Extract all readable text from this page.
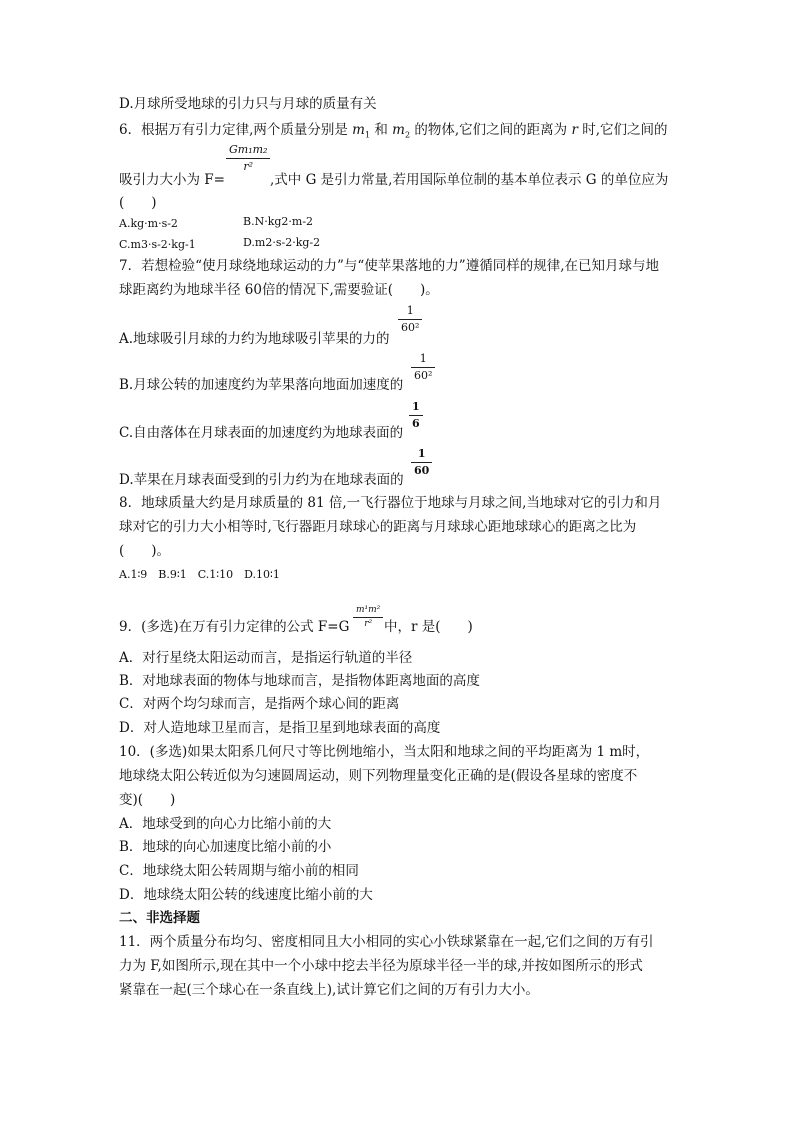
D.月球所受地球的引力只与月球的质量有关
6．根据万有引力定律,两个质量分别是 $m_1$ 和 $m_2$ 的物体,它们之间的距离为 r 时,它们之间的
$\frac{\text{Gm₁m₂}}{\text{r²}}$
吸引力大小为 F=	,式中 G 是引力常量,若用国际单位制的基本单位表示 G 的单位应为
(　　)
A.kg·m·s-2	B.N·kg2·m-2
C.m3·s-2·kg-1	D.m2·s-2·kg-2
7．若想检验“使月球绕地球运动的力”与“使苹果落地的力”遵循同样的规律,在已知月球与地
球距离约为地球半径 60倍的情况下,需要验证(　　)。
$\frac{1}{\text{60²}}$
A.地球吸引月球的力约为地球吸引苹果的力的
$\frac{1}{\text{60²}}$
B.月球公转的加速度约为苹果落向地面加速度的
$\frac{1}{6}$
C.自由落体在月球表面的加速度约为地球表面的
$\frac{1}{60}$
D.苹果在月球表面受到的引力约为在地球表面的
8．地球质量大约是月球质量的 81 倍,一飞行器位于地球与月球之间,当地球对它的引力和月
球对它的引力大小相等时,飞行器距月球球心的距离与月球球心距地球球心的距离之比为
(　　)。
A.1∶9　B.9∶1　C.1∶10　D.10∶1
9．(多选)在万有引力定律的公式 $F=G \frac{\text{m¹m²}}{\text{r²}}$ 中，r 是(　　)
A．对行星绕太阳运动而言，是指运行轨道的半径
B．对地球表面的物体与地球而言，是指物体距离地面的高度
C．对两个均匀球而言，是指两个球心间的距离
D．对人造地球卫星而言，是指卫星到地球表面的高度
10．(多选)如果太阳系几何尺寸等比例地缩小，当太阳和地球之间的平均距离为 1 m时，
地球绕太阳公转近似为匀速圆周运动，则下列物理量变化正确的是(假设各星球的密度不
变)(　　)
A．地球受到的向心力比缩小前的大
B．地球的向心加速度比缩小前的小
C．地球绕太阳公转周期与缩小前的相同
D．地球绕太阳公转的线速度比缩小前的大
二、非选择题
11．两个质量分布均匀、密度相同且大小相同的实心小铁球紧靠在一起,它们之间的万有引
力为 F,如图所示,现在其中一个小球中挖去半径为原球半径一半的球,并按如图所示的形式
紧靠在一起(三个球心在一条直线上),试计算它们之间的万有引力大小。
